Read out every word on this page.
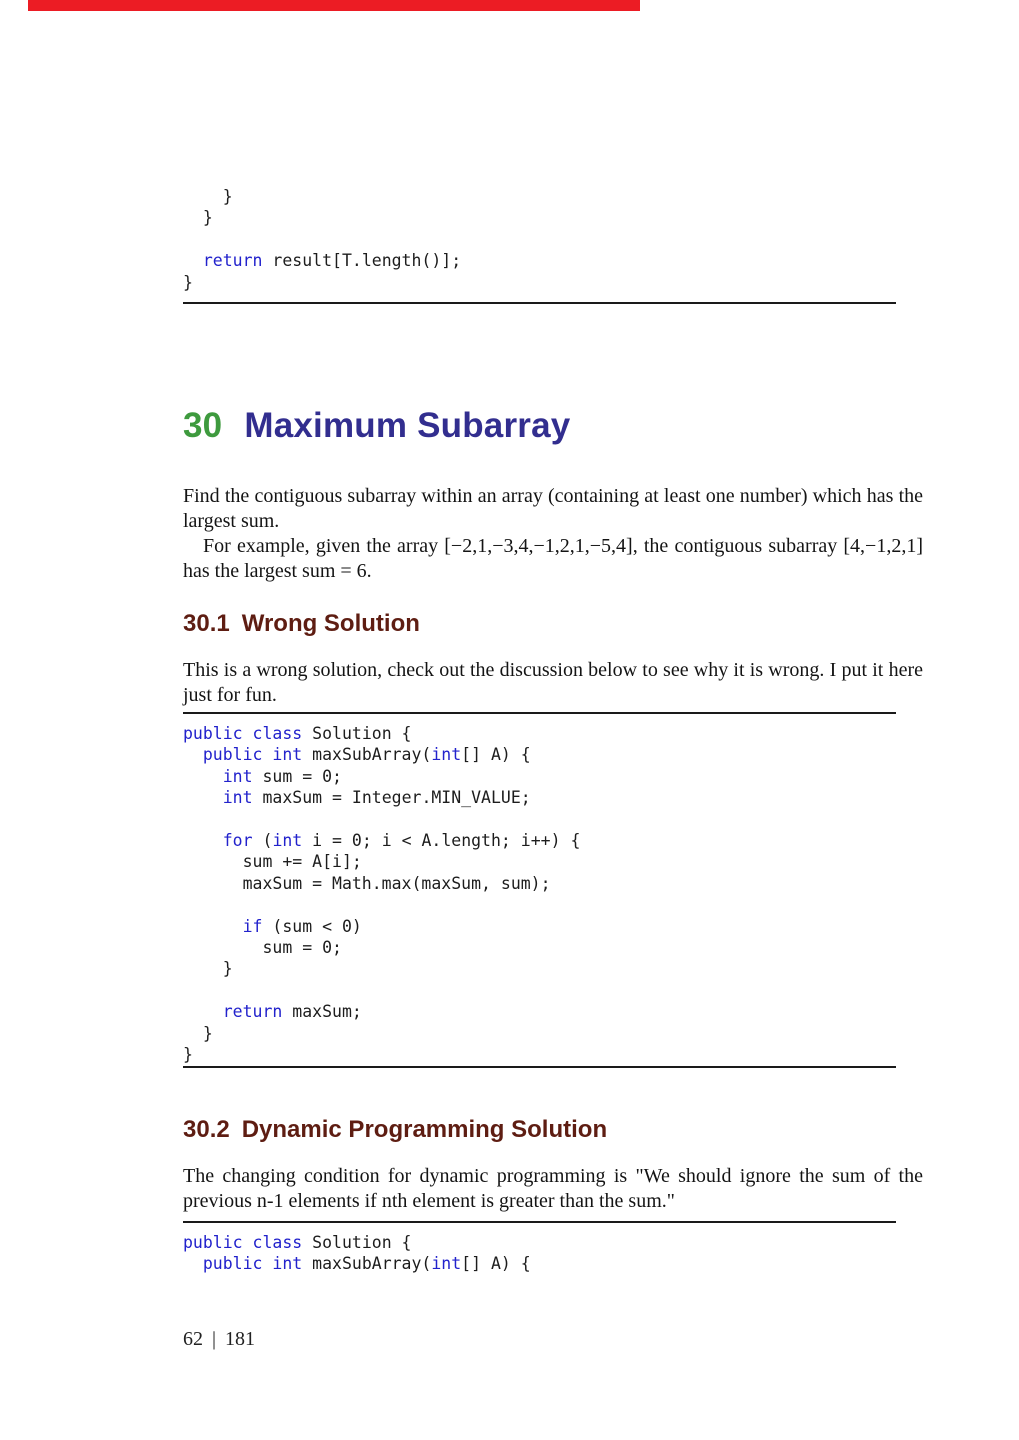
}
}

return result[T.length()];
}
30 Maximum Subarray

Find the contiguous subarray within an array (containing at least one number) which has the largest sum.

For example, given the array [−2,1,−3,4,−1,2,1,−5,4], the contiguous subarray [4,−1,2,1] has the largest sum = 6.

30.1 Wrong Solution

This is a wrong solution, check out the discussion below to see why it is wrong. I put it here just for fun.

public class Solution {
public int maxSubArray(int[] A) {
int sum = 0;
int maxSum = Integer.MIN_VALUE;

for (int i = 0; i < A.length; i++) {
sum += A[i];
maxSum = Math.max(maxSum, sum);

if (sum < 0)
sum = 0;
}

return maxSum;
}
}
30.2 Dynamic Programming Solution

The changing condition for dynamic programming is "We should ignore the sum of the previous n-1 elements if nth element is greater than the sum."

public class Solution {
public int maxSubArray(int[] A) {
62 | 181
